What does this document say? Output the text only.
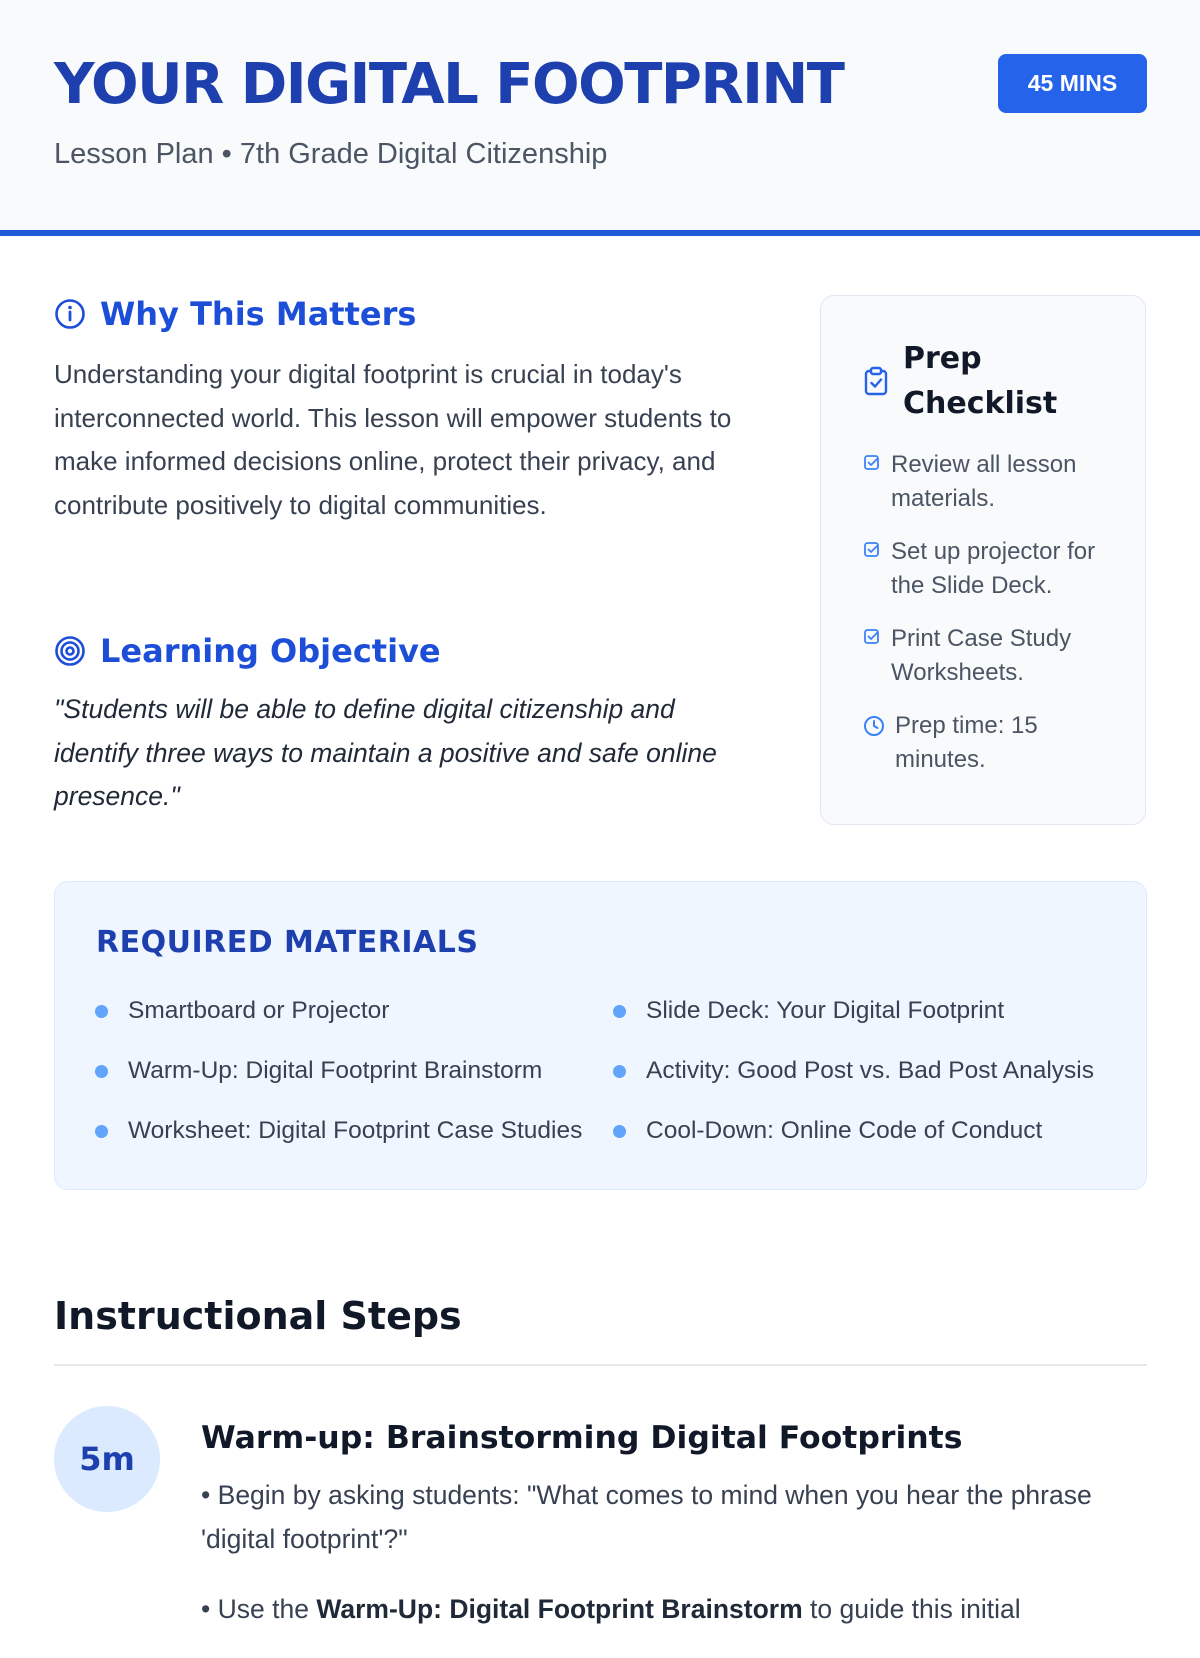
YOUR DIGITAL FOOTPRINT
Lesson Plan • 7th Grade Digital Citizenship
45 MINS
Why This Matters

Understanding your digital footprint is crucial in today's interconnected world. This lesson will empower students to make informed decisions online, protect their privacy, and contribute positively to digital communities.

Learning Objective

"Students will be able to define digital citizenship and identify three ways to maintain a positive and safe online presence."

Prep Checklist
Review all lesson materials.
Set up projector for the Slide Deck.
Print Case Study Worksheets.
Prep time: 15 minutes.
REQUIRED MATERIALS
Smartboard or Projector	Slide Deck: Your Digital Footprint
Warm-Up: Digital Footprint Brainstorm	Activity: Good Post vs. Bad Post Analysis
Worksheet: Digital Footprint Case Studies	Cool-Down: Online Code of Conduct
Instructional Steps
5m
Warm-up: Brainstorming Digital Footprints

• Begin by asking students: "What comes to mind when you hear the phrase 'digital footprint'?"

• Use the Warm-Up: Digital Footprint Brainstorm to guide this initial
